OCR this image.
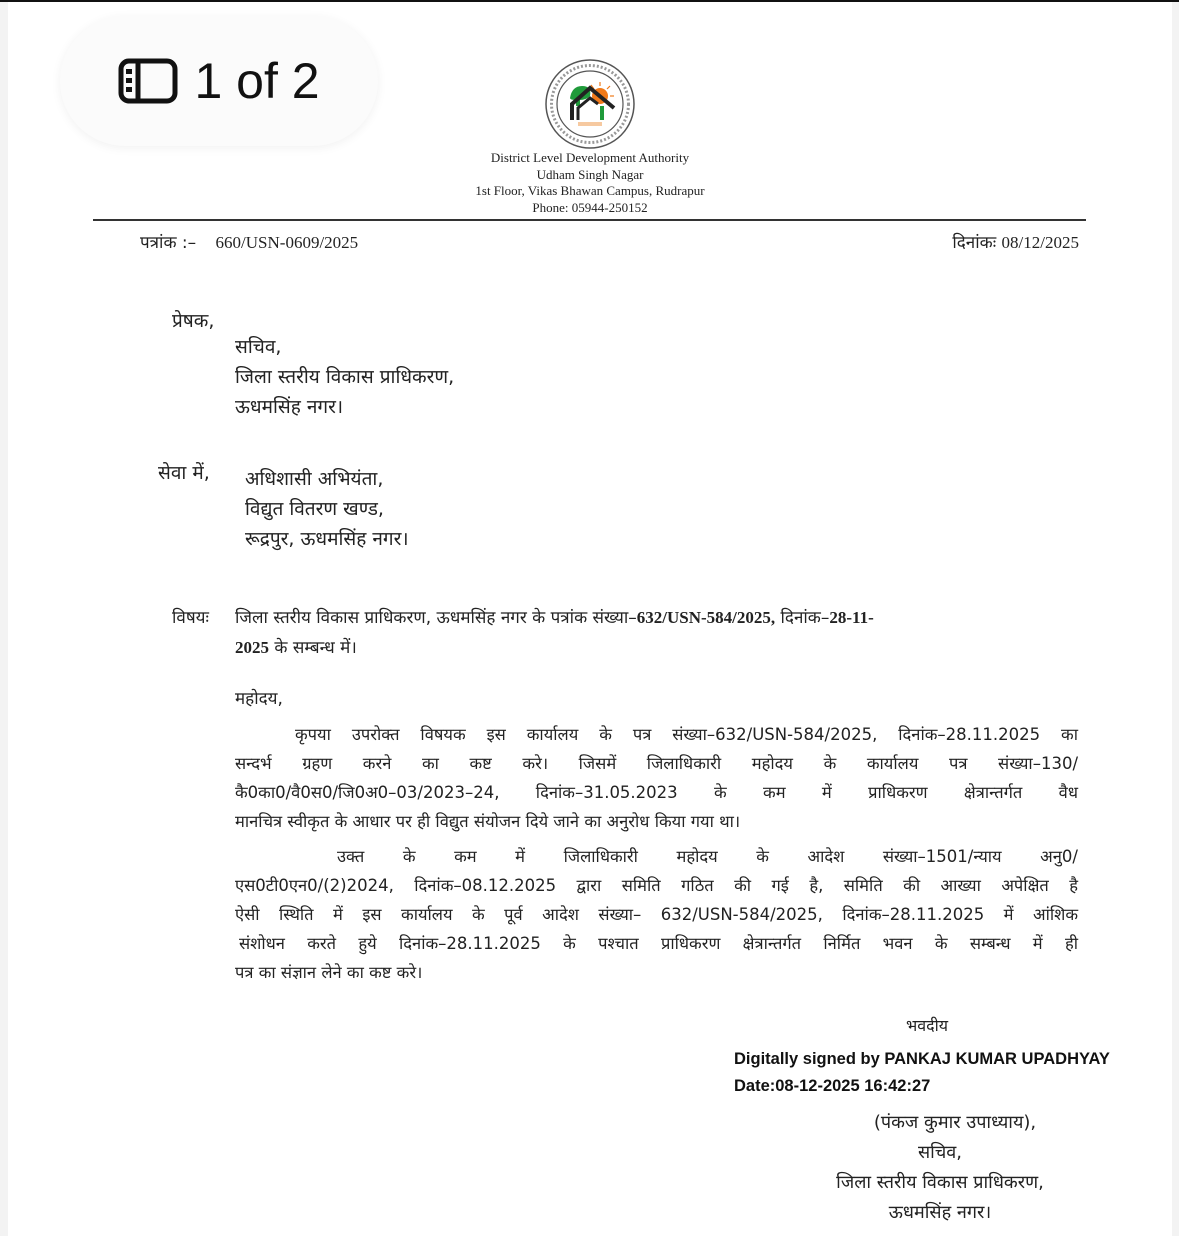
1 of 2
District Level Development Authority
Udham Singh Nagar
1st Floor, Vikas Bhawan Campus, Rudrapur
Phone: 05944-250152
पत्रांक :– 660/USN-0609/2025	दिनांकः 08/12/2025
प्रेषक,
सचिव,
जिला स्तरीय विकास प्राधिकरण,
ऊधमसिंह नगर।
सेवा में, अधिशासी अभियंता,
विद्युत वितरण खण्ड,
रूद्रपुर, ऊधमसिंह नगर।
विषयः जिला स्तरीय विकास प्राधिकरण, ऊधमसिंह नगर के पत्रांक संख्या–632/USN-584/2025, दिनांक–28-11-
2025 के सम्बन्ध में।
महोदय,
कृपया उपरोक्त विषयक इस कार्यालय के पत्र संख्या–632/USN-584/2025, दिनांक–28.11.2025 का
सन्दर्भ ग्रहण करने का कष्ट करे। जिसमें जिलाधिकारी महोदय के कार्यालय पत्र संख्या–130/
कै0का0/वै0स0/जि0अ0–03/2023–24, दिनांक–31.05.2023 के कम में प्राधिकरण क्षेत्रान्तर्गत वैध
मानचित्र स्वीकृत के आधार पर ही विद्युत संयोजन दिये जाने का अनुरोध किया गया था।
उक्त के कम में जिलाधिकारी महोदय के आदेश संख्या–1501/न्याय अनु0/
एस0टी0एन0/(2)2024, दिनांक–08.12.2025 द्वारा समिति गठित की गई है, समिति की आख्या अपेक्षित है
ऐसी स्थिति में इस कार्यालय के पूर्व आदेश संख्या– 632/USN-584/2025, दिनांक–28.11.2025 में आंशिक
संशोधन करते हुये दिनांक–28.11.2025 के पश्चात प्राधिकरण क्षेत्रान्तर्गत निर्मित भवन के सम्बन्ध में ही
पत्र का संज्ञान लेने का कष्ट करे।
भवदीय
Digitally signed by PANKAJ KUMAR UPADHYAY
Date:08-12-2025 16:42:27
(पंकज कुमार उपाध्याय),
सचिव,
जिला स्तरीय विकास प्राधिकरण,
ऊधमसिंह नगर।
